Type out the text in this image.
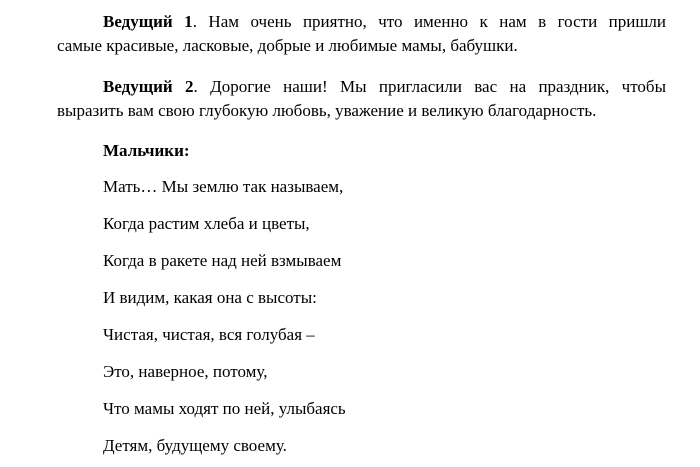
Ведущий 1. Нам очень приятно, что именно к нам в гости пришли
самые красивые, ласковые, добрые и любимые мамы, бабушки.

Ведущий 2. Дорогие наши! Мы пригласили вас на праздник, чтобы
выразить вам свою глубокую любовь, уважение и великую благодарность.

Мальчики:

Мать… Мы землю так называем,

Когда растим хлеба и цветы,

Когда в ракете над ней взмываем

И видим, какая она с высоты:

Чистая, чистая, вся голубая –

Это, наверное, потому,

Что мамы ходят по ней, улыбаясь

Детям, будущему своему.
